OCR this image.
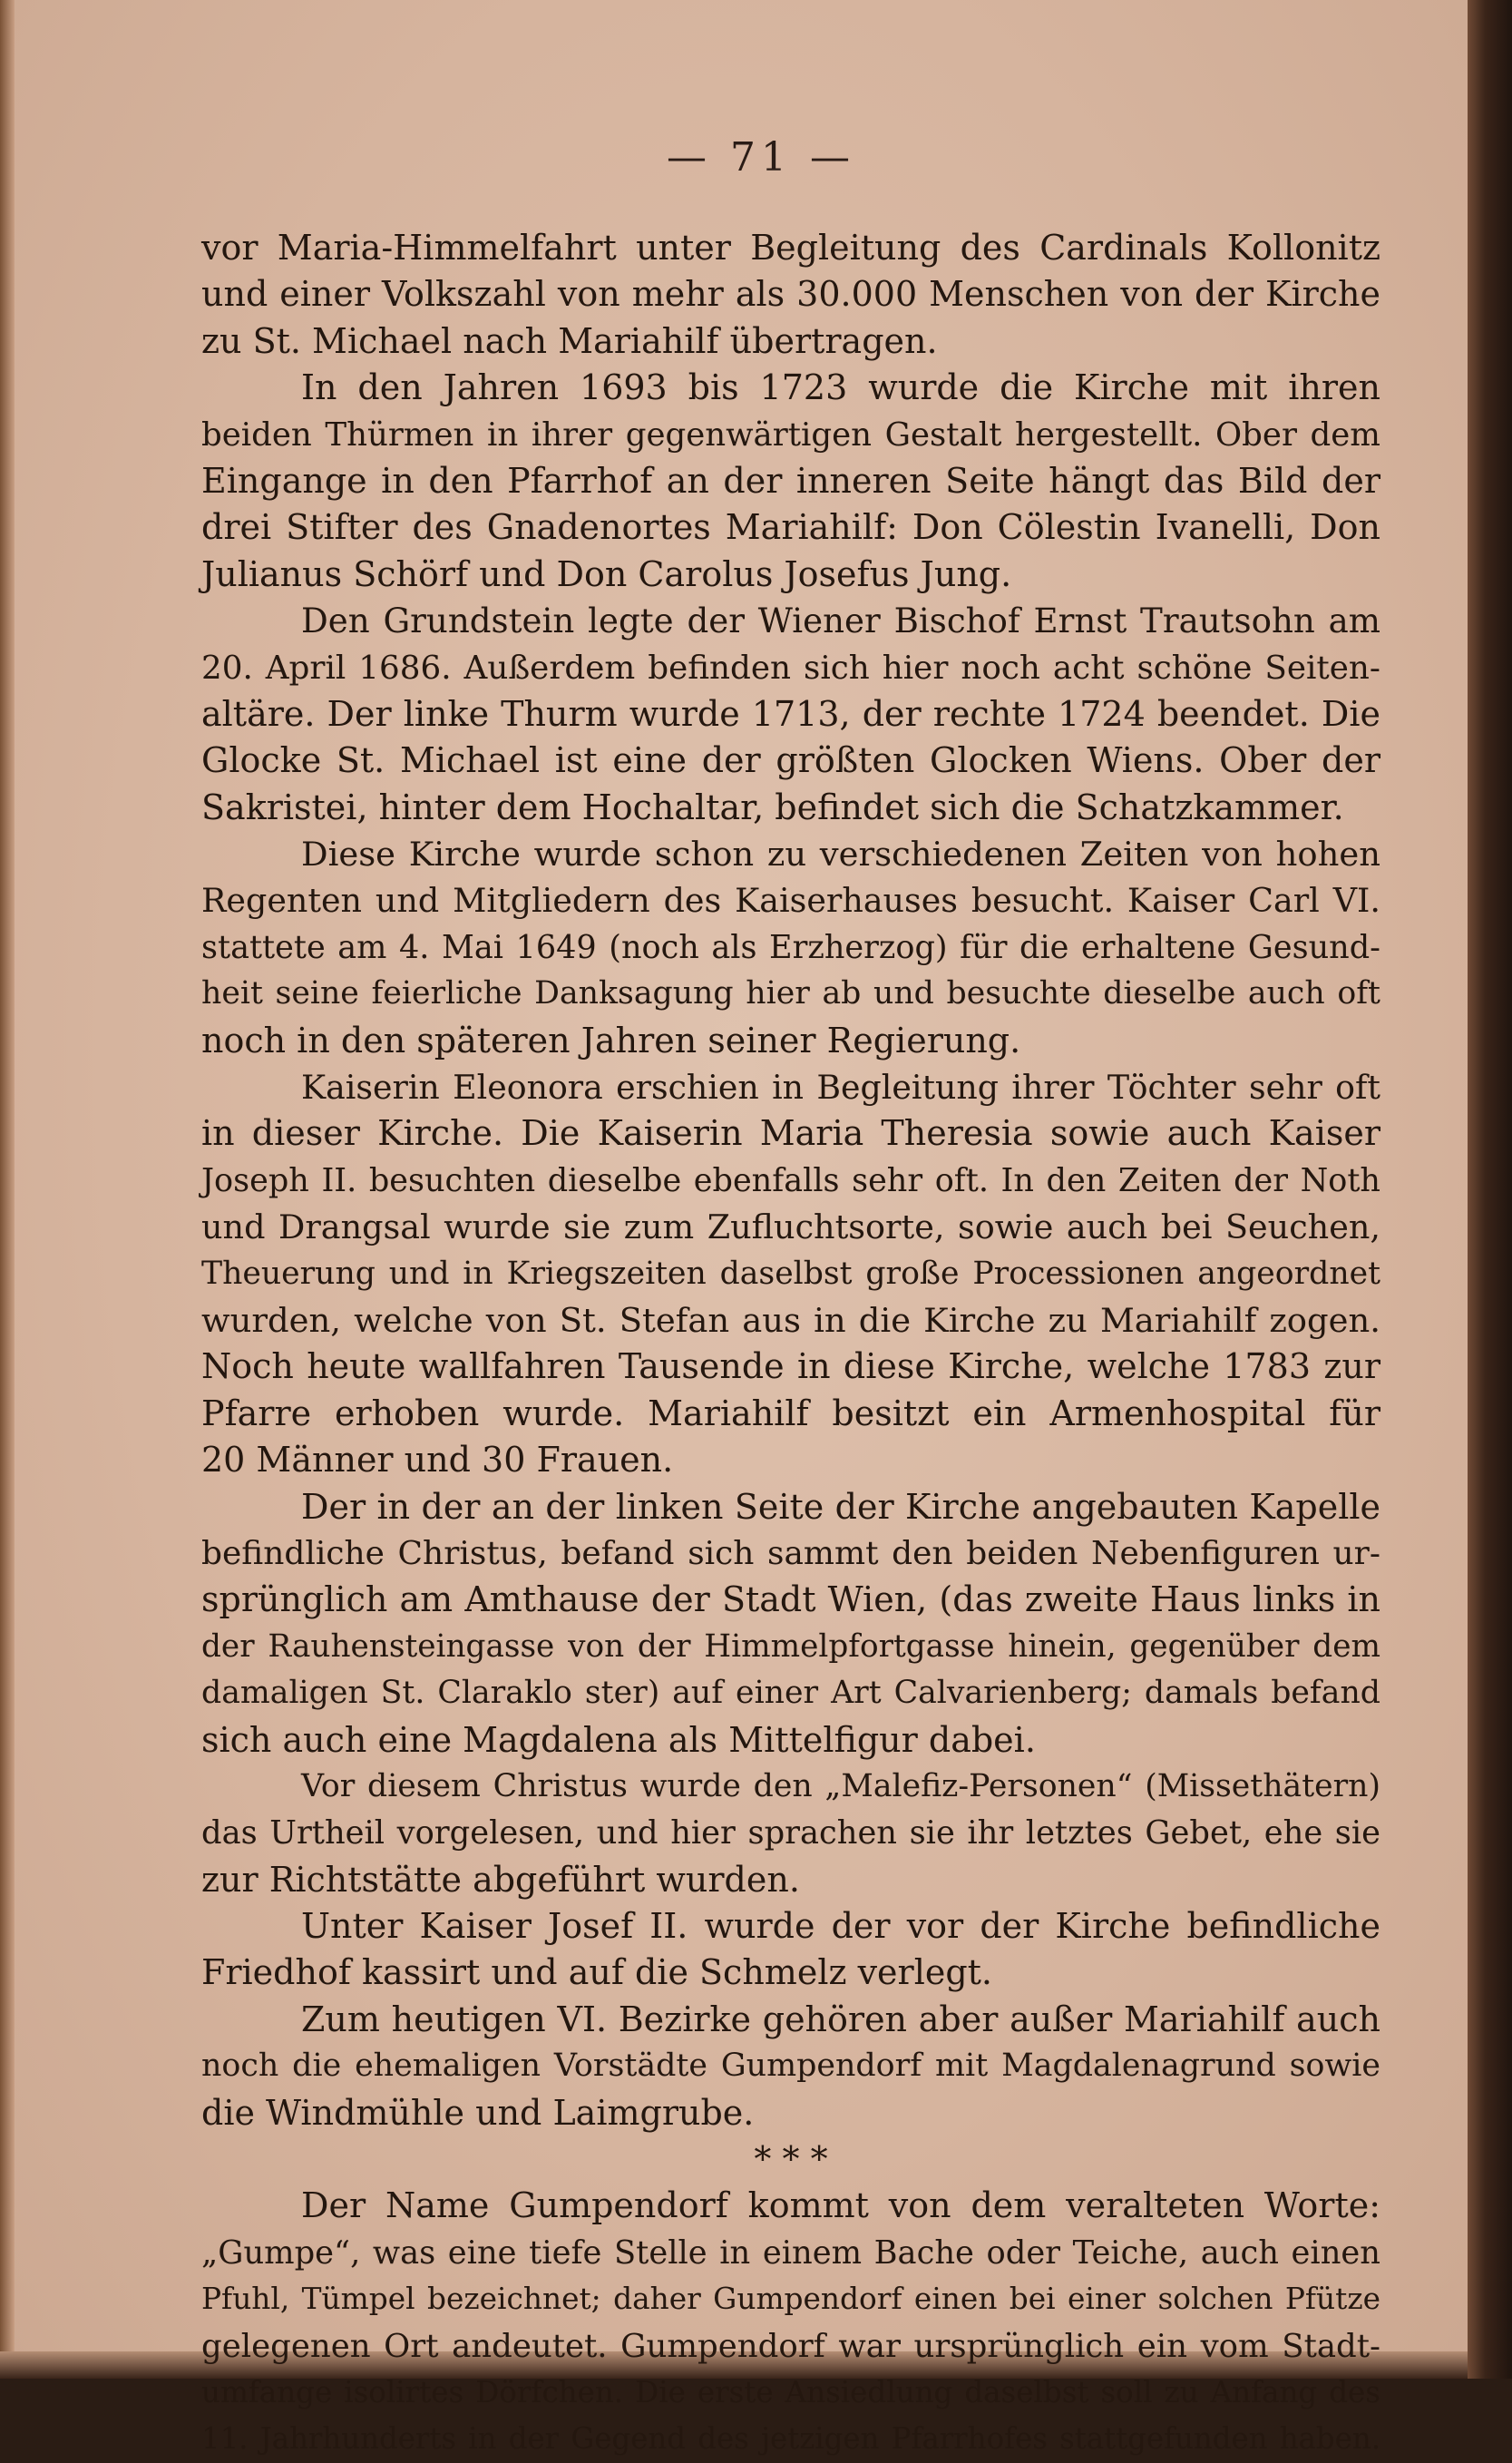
— 71 —
vor Maria-Himmelfahrt unter Begleitung des Cardinals Kollonitz
und einer Volkszahl von mehr als 30.000 Menschen von der Kirche
zu St. Michael nach Mariahilf übertragen.
In den Jahren 1693 bis 1723 wurde die Kirche mit ihren
beiden Thürmen in ihrer gegenwärtigen Gestalt hergestellt. Ober dem
Eingange in den Pfarrhof an der inneren Seite hängt das Bild der
drei Stifter des Gnadenortes Mariahilf: Don Cölestin Ivanelli, Don
Julianus Schörf und Don Carolus Josefus Jung.
Den Grundstein legte der Wiener Bischof Ernst Trautsohn am
20. April 1686. Außerdem befinden sich hier noch acht schöne Seiten-
altäre. Der linke Thurm wurde 1713, der rechte 1724 beendet. Die
Glocke St. Michael ist eine der größten Glocken Wiens. Ober der
Sakristei, hinter dem Hochaltar, befindet sich die Schatzkammer.
Diese Kirche wurde schon zu verschiedenen Zeiten von hohen
Regenten und Mitgliedern des Kaiserhauses besucht. Kaiser Carl VI.
stattete am 4. Mai 1649 (noch als Erzherzog) für die erhaltene Gesund-
heit seine feierliche Danksagung hier ab und besuchte dieselbe auch oft
noch in den späteren Jahren seiner Regierung.
Kaiserin Eleonora erschien in Begleitung ihrer Töchter sehr oft
in dieser Kirche. Die Kaiserin Maria Theresia sowie auch Kaiser
Joseph II. besuchten dieselbe ebenfalls sehr oft. In den Zeiten der Noth
und Drangsal wurde sie zum Zufluchtsorte, sowie auch bei Seuchen,
Theuerung und in Kriegszeiten daselbst große Processionen angeordnet
wurden, welche von St. Stefan aus in die Kirche zu Mariahilf zogen.
Noch heute wallfahren Tausende in diese Kirche, welche 1783 zur
Pfarre erhoben wurde. Mariahilf besitzt ein Armenhospital für
20 Männer und 30 Frauen.
Der in der an der linken Seite der Kirche angebauten Kapelle
befindliche Christus, befand sich sammt den beiden Nebenfiguren ur-
sprünglich am Amthause der Stadt Wien, (das zweite Haus links in
der Rauhensteingasse von der Himmelpfortgasse hinein, gegenüber dem
damaligen St. Claraklo ster) auf einer Art Calvarienberg; damals befand
sich auch eine Magdalena als Mittelfigur dabei.
Vor diesem Christus wurde den „Malefiz-Personen“ (Missethätern)
das Urtheil vorgelesen, und hier sprachen sie ihr letztes Gebet, ehe sie
zur Richtstätte abgeführt wurden.
Unter Kaiser Josef II. wurde der vor der Kirche befindliche
Friedhof kassirt und auf die Schmelz verlegt.
Zum heutigen VI. Bezirke gehören aber außer Mariahilf auch
noch die ehemaligen Vorstädte Gumpendorf mit Magdalenagrund sowie
die Windmühle und Laimgrube.
* * *
Der Name Gumpendorf kommt von dem veralteten Worte:
„Gumpe“, was eine tiefe Stelle in einem Bache oder Teiche, auch einen
Pfuhl, Tümpel bezeichnet; daher Gumpendorf einen bei einer solchen Pfütze
gelegenen Ort andeutet. Gumpendorf war ursprünglich ein vom Stadt-
umfange isolirtes Dörfchen. Die erste Ansiedlung daselbst soll zu Anfang des
11. Jahrhunderts in der Gegend des jetzigen Pfarrhofes stattgefunden haben.
